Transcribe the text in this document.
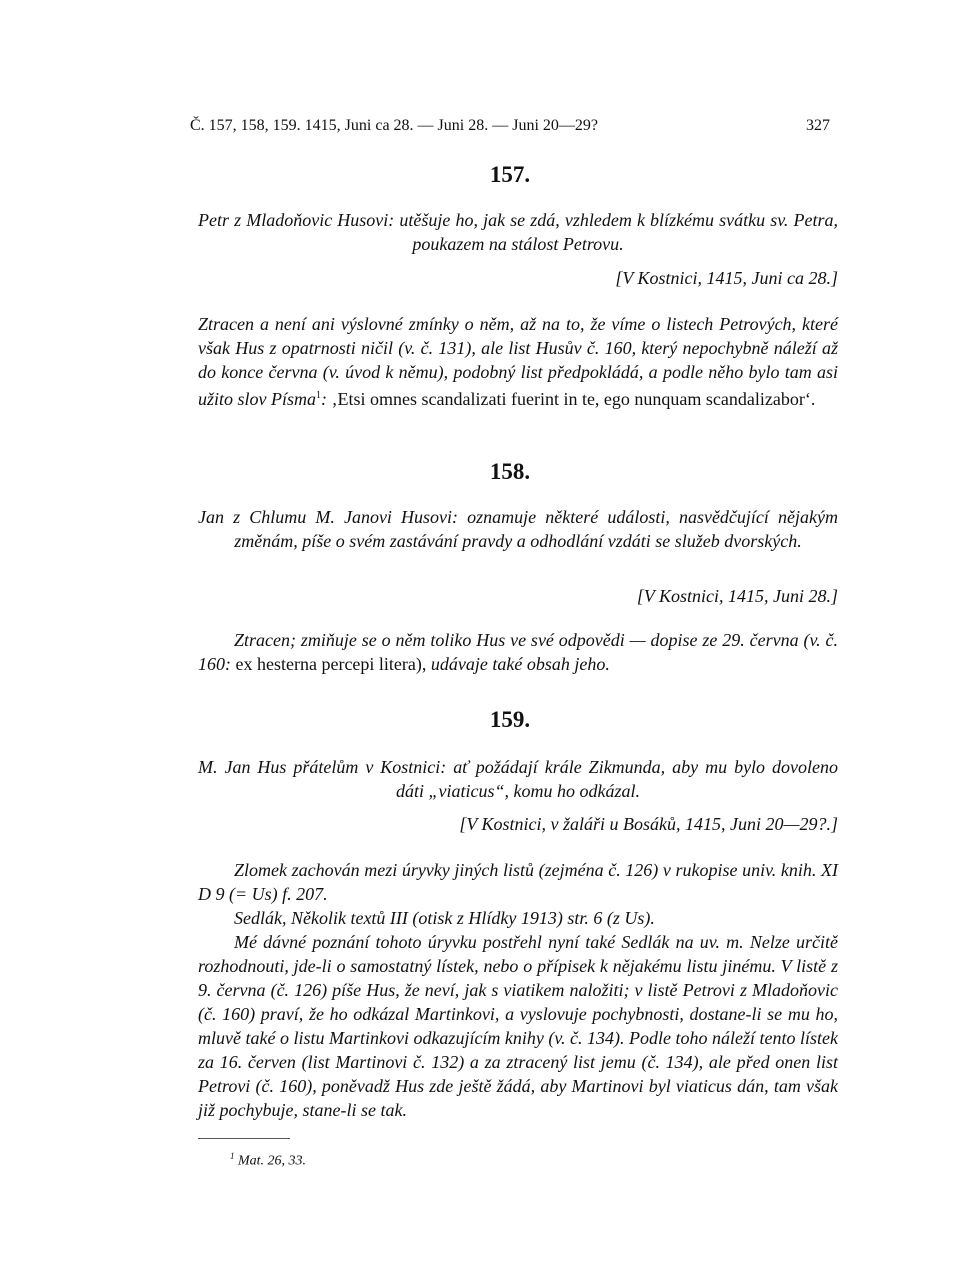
Č. 157, 158, 159. 1415, Juni ca 28. — Juni 28. — Juni 20—29?	327
157.
Petr z Mladoňovic Husovi: utěšuje ho, jak se zdá, vzhledem k blízkému svátku sv. Petra, poukazem na stálost Petrovu.
[V Kostnici, 1415, Juni ca 28.]
Ztracen a není ani výslovné zmínky o něm, až na to, že víme o listech Petrových, které však Hus z opatrnosti ničil (v. č. 131), ale list Husův č. 160, který nepochybně náleží až do konce června (v. úvod k němu), podobný list předpokládá, a podle něho bylo tam asi užito slov Písma$^1$: ‚Etsi omnes scandalizati fuerint in te, ego nunquam scandalizabor‘.
158.
Jan z Chlumu M. Janovi Husovi: oznamuje některé události, nasvědčující nějakým změnám, píše o svém zastávání pravdy a odhodlání vzdáti se služeb dvorských.
[V Kostnici, 1415, Juni 28.]
Ztracen; zmiňuje se o něm toliko Hus ve své odpovědi — dopise ze 29. června (v. č. 160: ex hesterna percepi litera), udávaje také obsah jeho.
159.
M. Jan Hus přátelům v Kostnici: ať požádají krále Zikmunda, aby mu bylo dovoleno dáti „viaticus“, komu ho odkázal.
[V Kostnici, v žaláři u Bosáků, 1415, Juni 20—29?.]
Zlomek zachován mezi úryvky jiných listů (zejména č. 126) v rukopise univ. knih. XI D 9 (= Us) f. 207.
Sedlák, Několik textů III (otisk z Hlídky 1913) str. 6 (z Us).
Mé dávné poznání tohoto úryvku postřehl nyní také Sedlák na uv. m. Nelze určitě rozhodnouti, jde-li o samostatný lístek, nebo o přípisek k nějakému listu jinému. V listě z 9. června (č. 126) píše Hus, že neví, jak s viatikem naložiti; v listě Petrovi z Mladoňovic (č. 160) praví, že ho odkázal Martinkovi, a vyslovuje pochybnosti, dostane-li se mu ho, mluvě také o listu Martinkovi odkazujícím knihy (v. č. 134). Podle toho náleží tento lístek za 16. červen (list Martinovi č. 132) a za ztracený list jemu (č. 134), ale před onen list Petrovi (č. 160), poněvadž Hus zde ještě žádá, aby Martinovi byl viaticus dán, tam však již pochybuje, stane-li se tak.
$^1$ Mat. 26, 33.
